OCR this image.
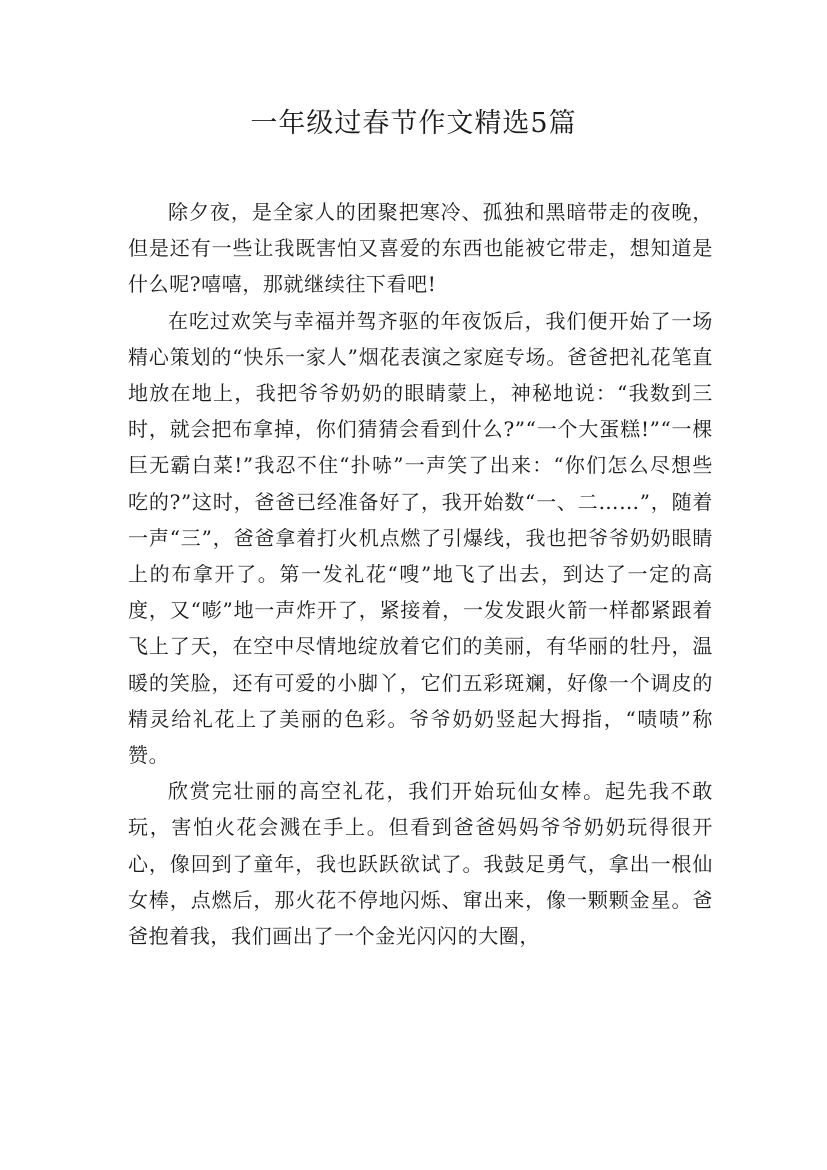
一年级过春节作文精选5篇

除夕夜，是全家人的团聚把寒冷、孤独和黑暗带走的夜晚，但是还有一些让我既害怕又喜爱的东西也能被它带走，想知道是什么呢?嘻嘻，那就继续往下看吧!

在吃过欢笑与幸福并驾齐驱的年夜饭后，我们便开始了一场精心策划的“快乐一家人”烟花表演之家庭专场。爸爸把礼花笔直地放在地上，我把爷爷奶奶的眼睛蒙上，神秘地说：“我数到三时，就会把布拿掉，你们猜猜会看到什么?”“一个大蛋糕!”“一棵巨无霸白菜!”我忍不住“扑哧”一声笑了出来：“你们怎么尽想些吃的?”这时，爸爸已经准备好了，我开始数“一、二……”，随着一声“三”，爸爸拿着打火机点燃了引爆线，我也把爷爷奶奶眼睛上的布拿开了。第一发礼花“嗖”地飞了出去，到达了一定的高度，又“嘭”地一声炸开了，紧接着，一发发跟火箭一样都紧跟着飞上了天，在空中尽情地绽放着它们的美丽，有华丽的牡丹，温暖的笑脸，还有可爱的小脚丫，它们五彩斑斓，好像一个调皮的精灵给礼花上了美丽的色彩。爷爷奶奶竖起大拇指，“啧啧”称赞。

欣赏完壮丽的高空礼花，我们开始玩仙女棒。起先我不敢玩，害怕火花会溅在手上。但看到爸爸妈妈爷爷奶奶玩得很开心，像回到了童年，我也跃跃欲试了。我鼓足勇气，拿出一根仙女棒，点燃后，那火花不停地闪烁、窜出来，像一颗颗金星。爸爸抱着我，我们画出了一个金光闪闪的大圈，
